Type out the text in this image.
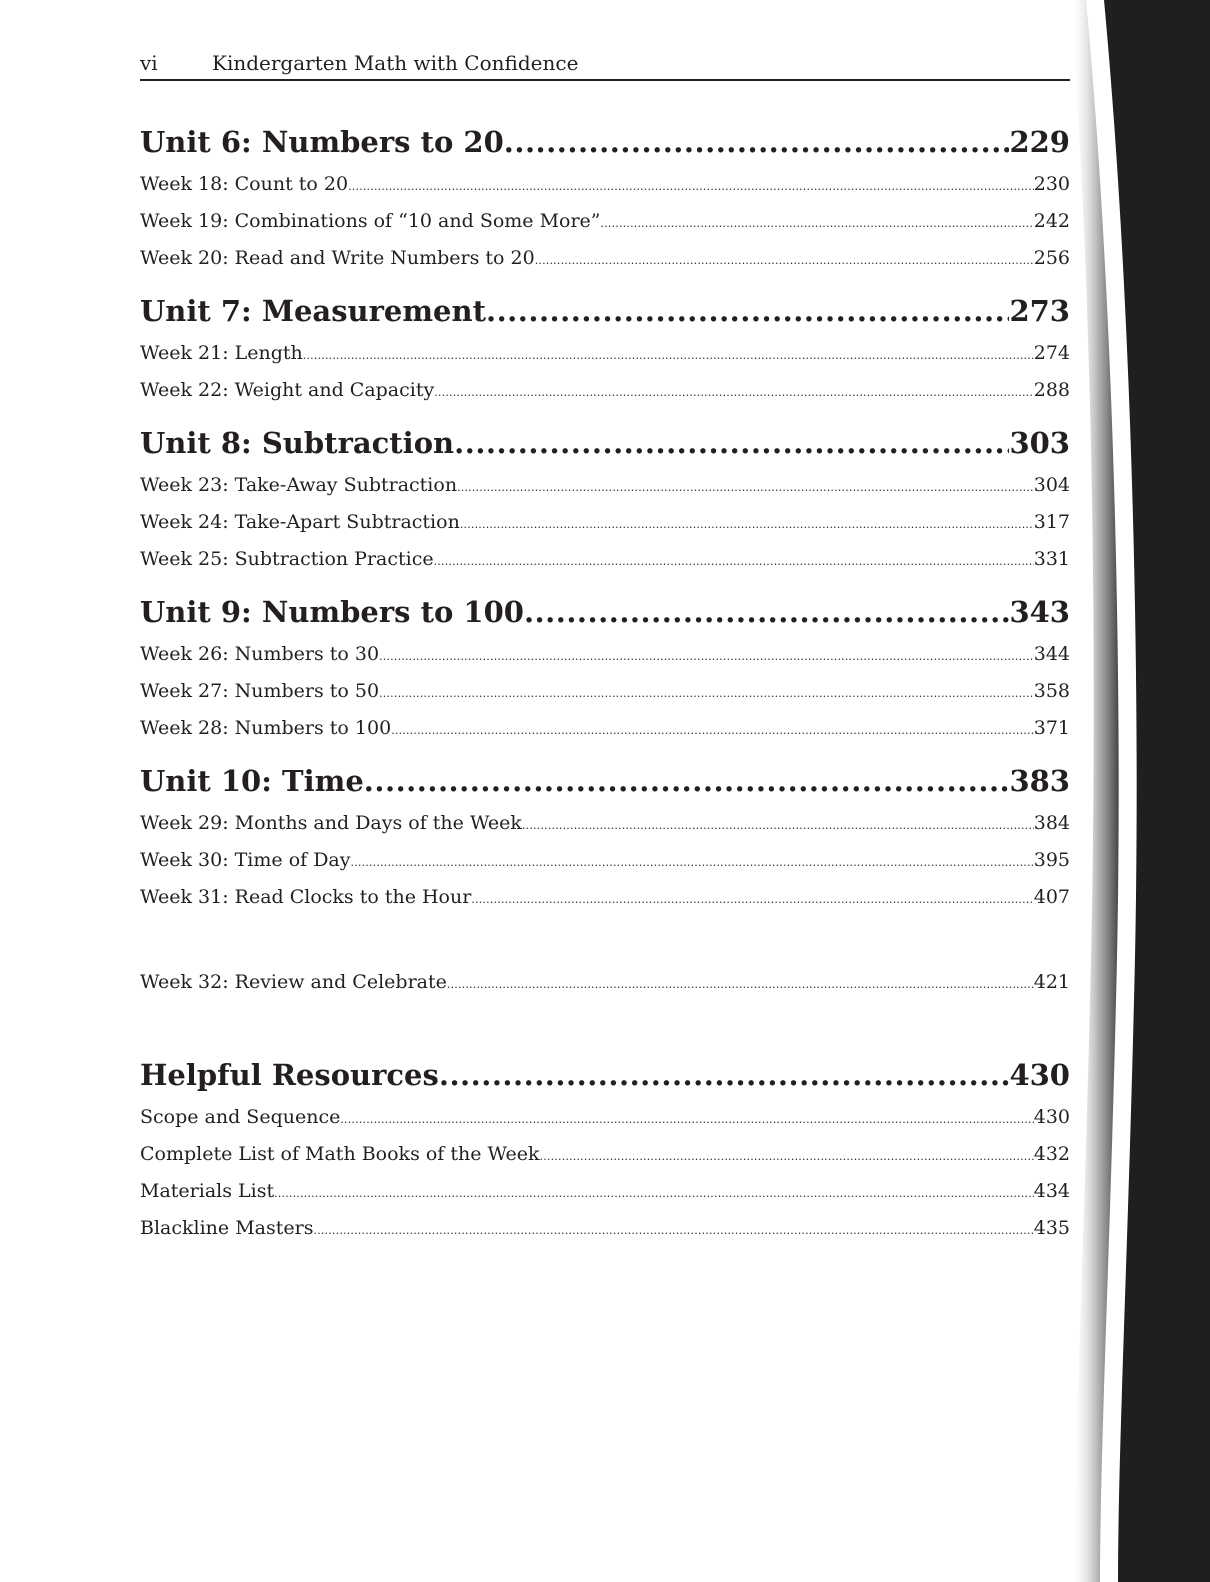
vi	Kindergarten Math with Confidence
Unit 6: Numbers to 20 .....	229
Week 18: Count to 20 .....	230
Week 19: Combinations of “10 and Some More” .....	242
Week 20: Read and Write Numbers to 20 .....	256
Unit 7: Measurement .....	273
Week 21: Length .....	274
Week 22: Weight and Capacity .....	288
Unit 8: Subtraction .....	303
Week 23: Take-Away Subtraction .....	304
Week 24: Take-Apart Subtraction .....	317
Week 25: Subtraction Practice .....	331
Unit 9: Numbers to 100 .....	343
Week 26: Numbers to 30 .....	344
Week 27: Numbers to 50 .....	358
Week 28: Numbers to 100 .....	371
Unit 10: Time .....	383
Week 29: Months and Days of the Week .....	384
Week 30: Time of Day .....	395
Week 31: Read Clocks to the Hour .....	407
Week 32: Review and Celebrate .....	421
Helpful Resources .....	430
Scope and Sequence .....	430
Complete List of Math Books of the Week .....	432
Materials List .....	434
Blackline Masters .....	435
